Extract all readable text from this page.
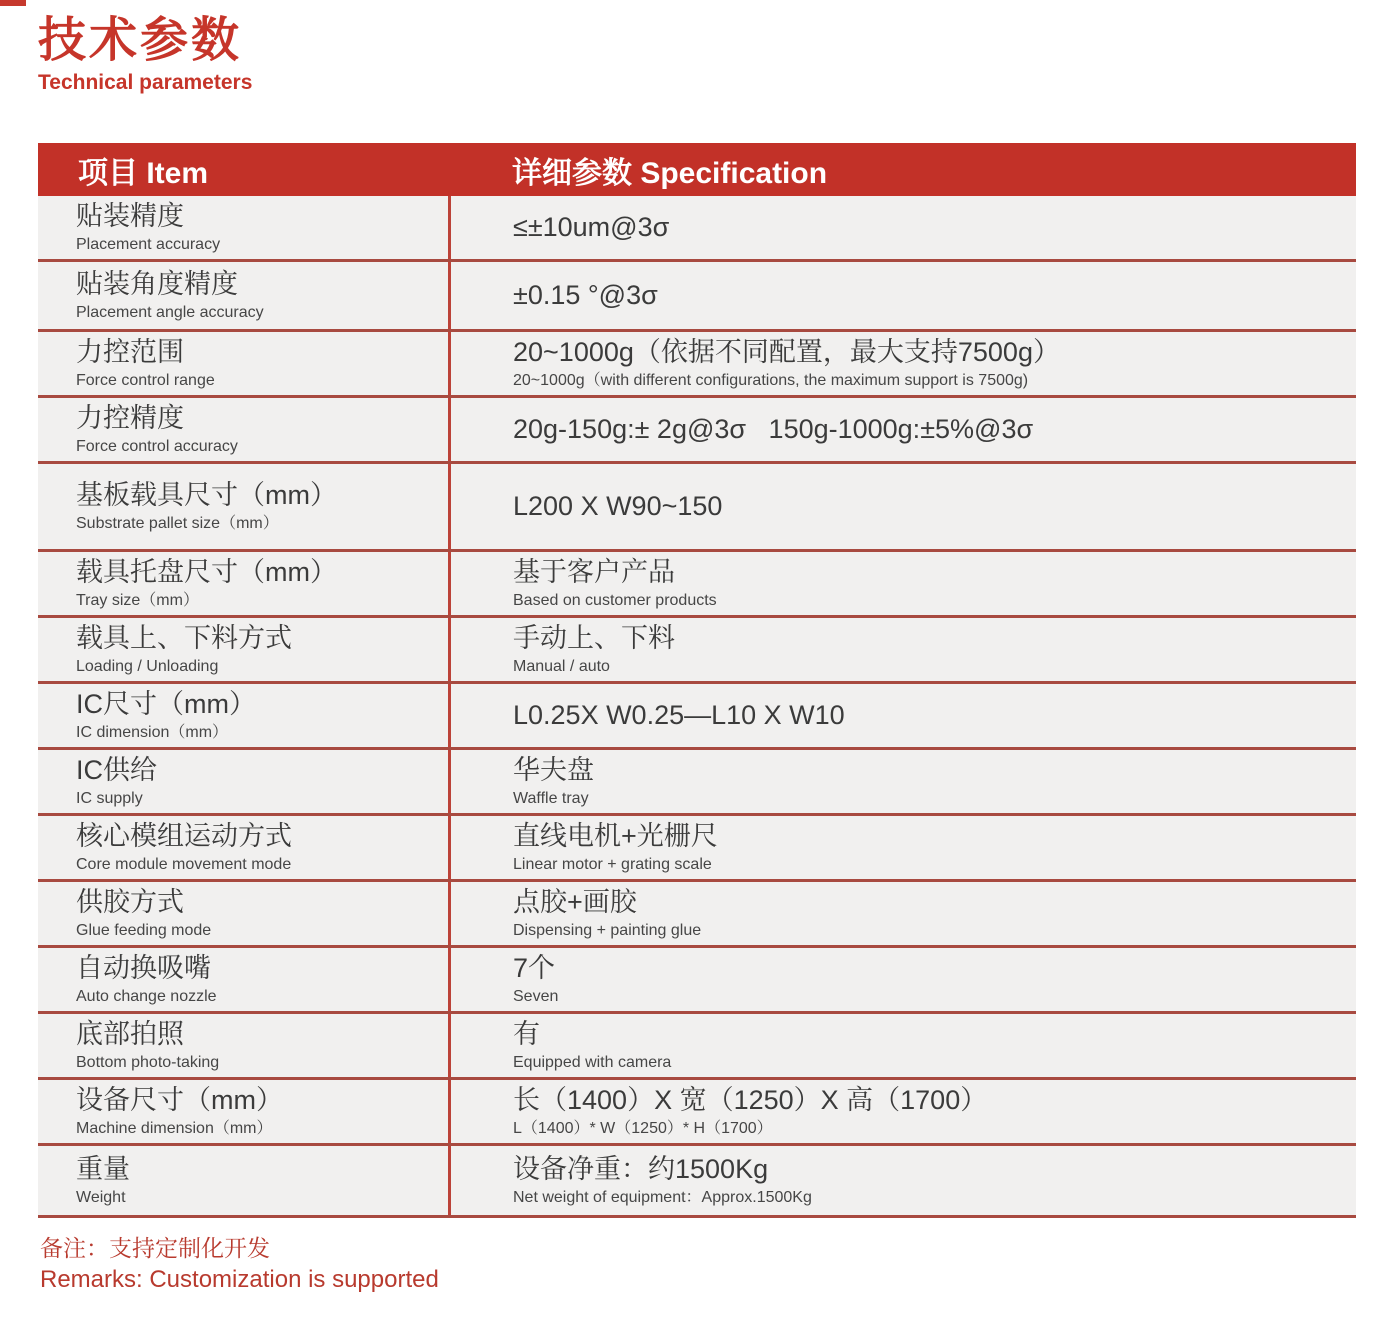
技术参数
Technical parameters
项目 Item	详细参数 Specification
贴装精度
Placement accuracy
≤±10um@3σ
贴装角度精度
Placement angle accuracy
±0.15 °@3σ
力控范围
Force control range
20~1000g（依据不同配置，最大支持7500g）
20~1000g（with different configurations, the maximum support is 7500g)
力控精度
Force control accuracy
20g-150g:± 2g@3σ   150g-1000g:±5%@3σ
基板载具尺寸（mm）
Substrate pallet size（mm）
L200 X W90~150
载具托盘尺寸（mm）
Tray size（mm）
基于客户产品
Based on customer products
载具上、下料方式
Loading / Unloading
手动上、下料
Manual / auto
IC尺寸（mm）
IC dimension（mm）
L0.25X W0.25—L10 X W10
IC供给
IC supply
华夫盘
Waffle tray
核心模组运动方式
Core module movement mode
直线电机+光栅尺
Linear motor + grating scale
供胶方式
Glue feeding mode
点胶+画胶
Dispensing + painting glue
自动换吸嘴
Auto change nozzle
7个
Seven
底部拍照
Bottom photo-taking
有
Equipped with camera
设备尺寸（mm）
Machine dimension（mm）
长（1400）X 宽（1250）X 高（1700）
L（1400）* W（1250）* H（1700）
重量
Weight
设备净重：约1500Kg
Net weight of equipment：Approx.1500Kg
备注：支持定制化开发
Remarks: Customization is supported
